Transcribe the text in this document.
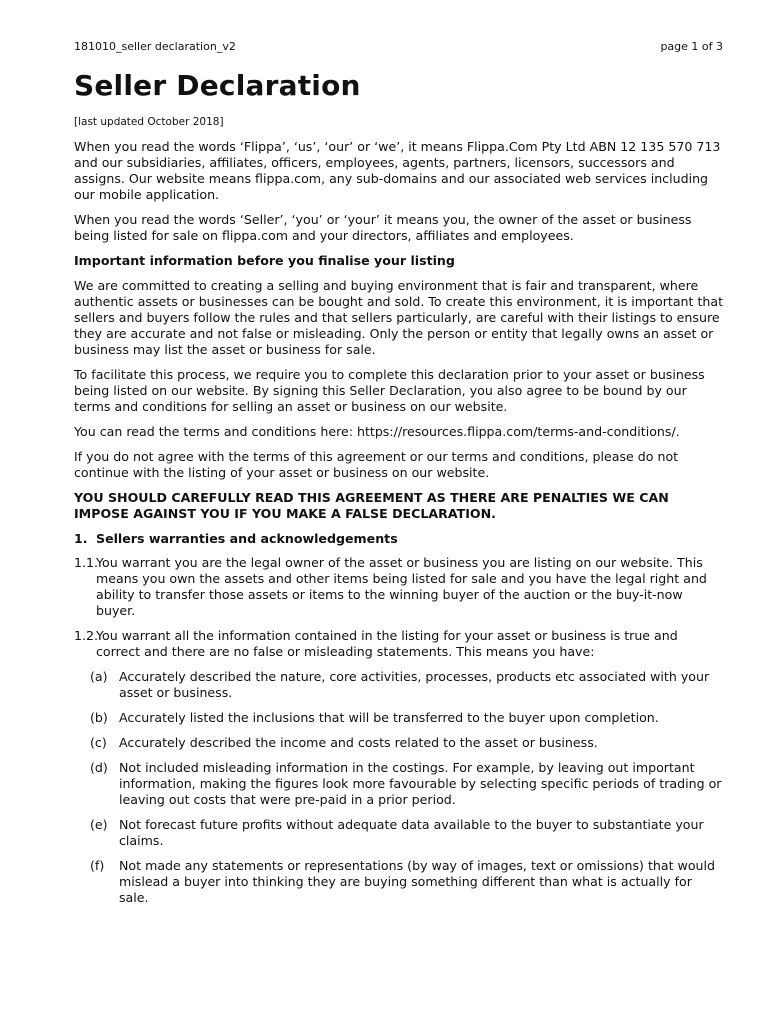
181010_seller declaration_v2	page 1 of 3
Seller Declaration

[last updated October 2018]

When you read the words ‘Flippa’, ‘us’, ‘our’ or ‘we’, it means Flippa.Com Pty Ltd ABN 12 135 570 713 and our subsidiaries, affiliates, officers, employees, agents, partners, licensors, successors and assigns. Our website means flippa.com, any sub-domains and our associated web services including our mobile application.

When you read the words ‘Seller’, ‘you’ or ‘your’ it means you, the owner of the asset or business being listed for sale on flippa.com and your directors, affiliates and employees.

Important information before you finalise your listing

We are committed to creating a selling and buying environment that is fair and transparent, where authentic assets or businesses can be bought and sold. To create this environment, it is important that sellers and buyers follow the rules and that sellers particularly, are careful with their listings to ensure they are accurate and not false or misleading. Only the person or entity that legally owns an asset or business may list the asset or business for sale.

To facilitate this process, we require you to complete this declaration prior to your asset or business being listed on our website. By signing this Seller Declaration, you also agree to be bound by our terms and conditions for selling an asset or business on our website.

You can read the terms and conditions here: https://resources.flippa.com/terms-and-conditions/.

If you do not agree with the terms of this agreement or our terms and conditions, please do not continue with the listing of your asset or business on our website.

YOU SHOULD CAREFULLY READ THIS AGREEMENT AS THERE ARE PENALTIES WE CAN IMPOSE AGAINST YOU IF YOU MAKE A FALSE DECLARATION.

1. Sellers warranties and acknowledgements
1.1.
You warrant you are the legal owner of the asset or business you are listing on our website. This means you own the assets and other items being listed for sale and you have the legal right and ability to transfer those assets or items to the winning buyer of the auction or the buy-it-now buyer.
1.2.
You warrant all the information contained in the listing for your asset or business is true and correct and there are no false or misleading statements. This means you have:
(a) Accurately described the nature, core activities, processes, products etc associated with your asset or business.
(b) Accurately listed the inclusions that will be transferred to the buyer upon completion.
(c) Accurately described the income and costs related to the asset or business.
(d) Not included misleading information in the costings. For example, by leaving out important information, making the figures look more favourable by selecting specific periods of trading or leaving out costs that were pre-paid in a prior period.
(e) Not forecast future profits without adequate data available to the buyer to substantiate your claims.
(f)	Not made any statements or representations (by way of images, text or omissions) that would mislead a buyer into thinking they are buying something different than what is actually for sale.
